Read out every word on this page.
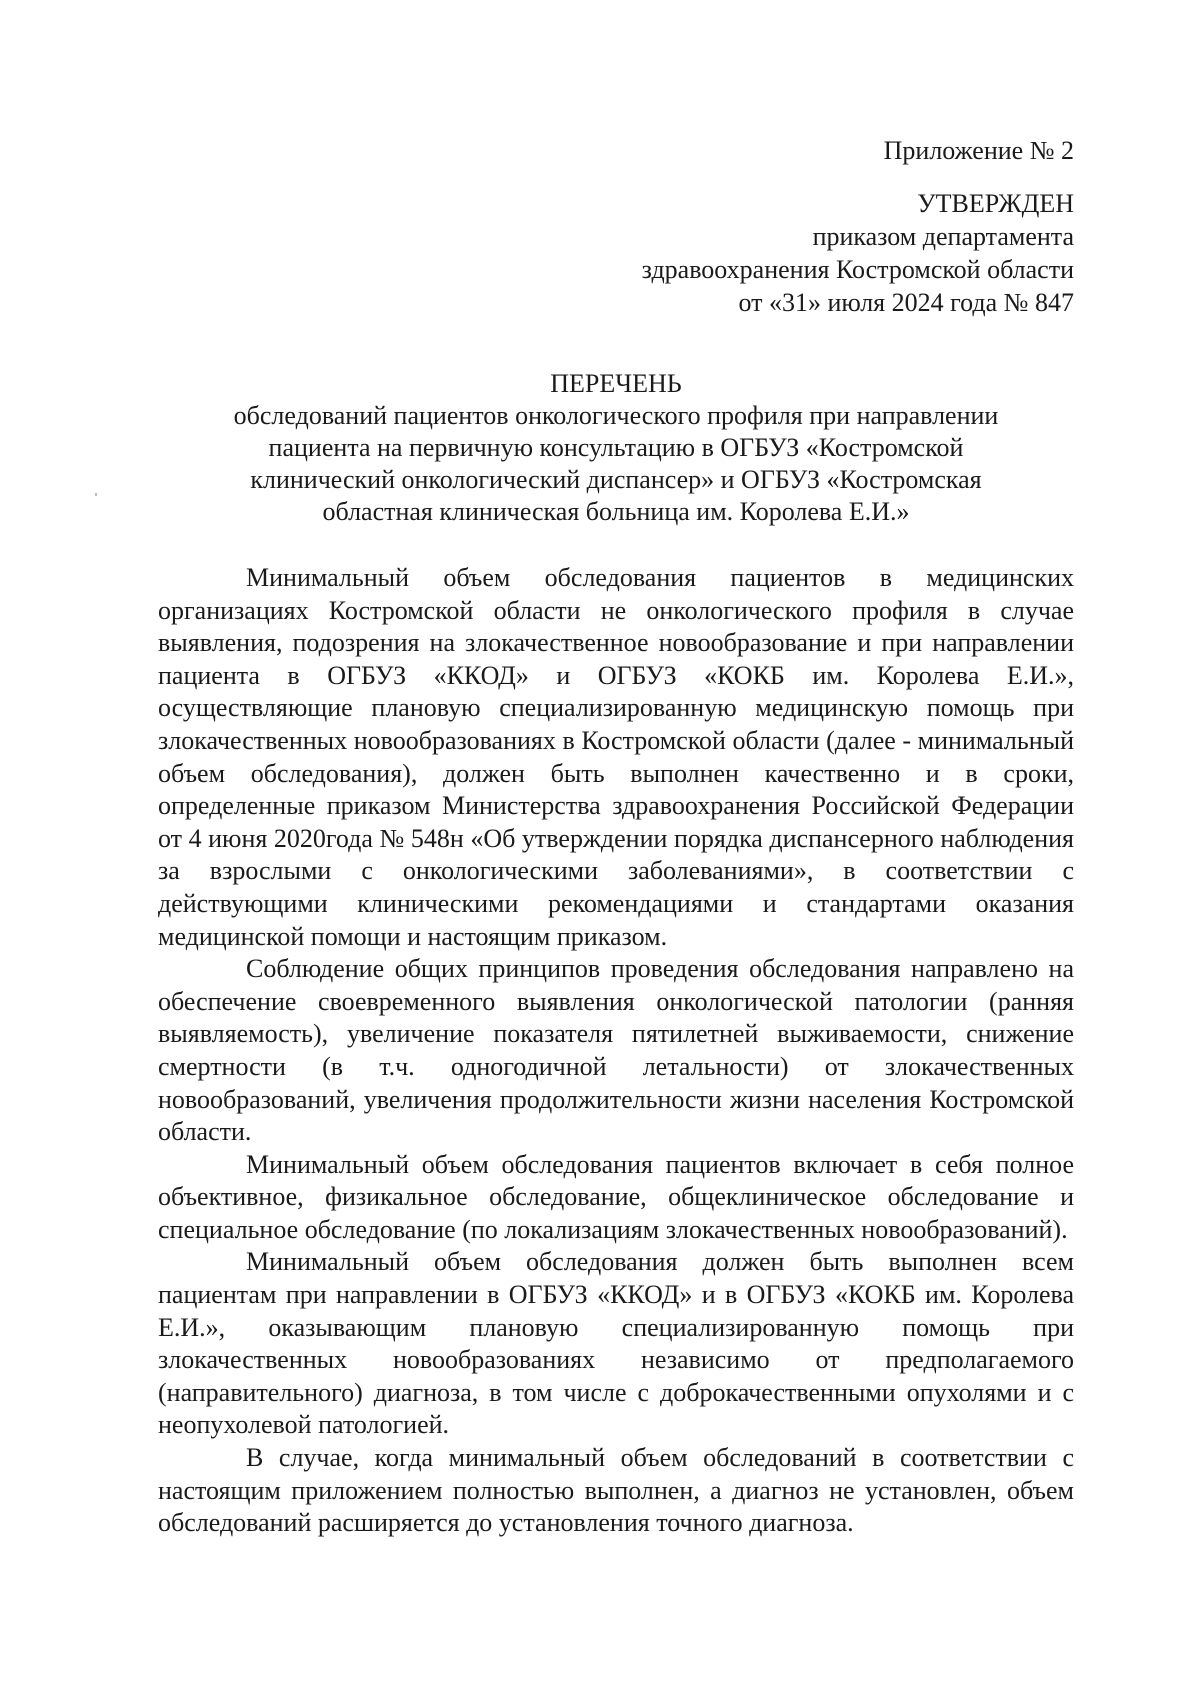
Приложение № 2
УТВЕРЖДЕН
приказом департамента
здравоохранения Костромской области
от «31» июля 2024 года № 847
ПЕРЕЧЕНЬ
обследований пациентов онкологического профиля при направлении пациента на первичную консультацию в ОГБУЗ «Костромской клинический онкологический диспансер» и ОГБУЗ «Костромская областная клиническая больница им. Королева Е.И.»

Минимальный объем обследования пациентов в медицинских организациях Костромской области не онкологического профиля в случае выявления, подозрения на злокачественное новообразование и при направлении пациента в ОГБУЗ «ККОД» и ОГБУЗ «КОКБ им. Королева Е.И.», осуществляющие плановую специализированную медицинскую помощь при злокачественных новообразованиях в Костромской области (далее - минимальный объем обследования), должен быть выполнен качественно и в сроки, определенные приказом Министерства здравоохранения Российской Федерации от 4 июня 2020года № 548н «Об утверждении порядка диспансерного наблюдения за взрослыми с онкологическими заболеваниями», в соответствии с действующими клиническими рекомендациями и стандартами оказания медицинской помощи и настоящим приказом.

Соблюдение общих принципов проведения обследования направлено на обеспечение своевременного выявления онкологической патологии (ранняя выявляемость), увеличение показателя пятилетней выживаемости, снижение смертности (в т.ч. одногодичной летальности) от злокачественных новообразований, увеличения продолжительности жизни населения Костромской области.

Минимальный объем обследования пациентов включает в себя полное объективное, физикальное обследование, общеклиническое обследование и специальное обследование (по локализациям злокачественных новообразований).

Минимальный объем обследования должен быть выполнен всем пациентам при направлении в ОГБУЗ «ККОД» и в ОГБУЗ «КОКБ им. Королева Е.И.», оказывающим плановую специализированную помощь при злокачественных новообразованиях независимо от предполагаемого (направительного) диагноза, в том числе с доброкачественными опухолями и с неопухолевой патологией.

В случае, когда минимальный объем обследований в соответствии с настоящим приложением полностью выполнен, а диагноз не установлен, объем обследований расширяется до установления точного диагноза.
